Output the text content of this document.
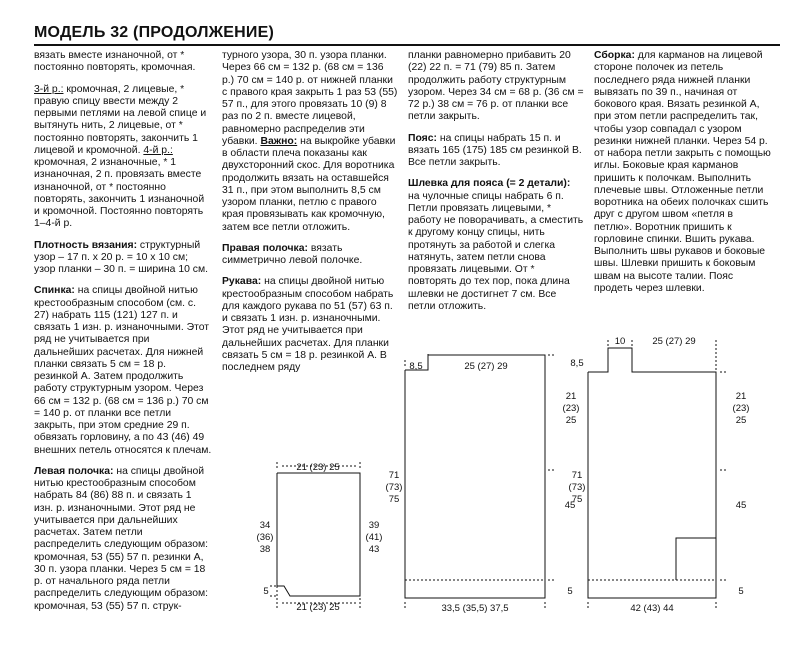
МОДЕЛЬ 32 (ПРОДОЛЖЕНИЕ)

вязать вместе изнаночной, от * постоянно повторять, кромочная.

3-й р.: кромочная, 2 лицевые, * правую спицу ввести между 2 первыми петлями на левой спице и вытянуть нить, 2 лицевые, от * постоянно повторять, закончить 1 лицевой и кромочной. 4-й р.: кромочная, 2 изнаночные, * 1 изнаночная, 2 п. провязать вместе изнаночной, от * постоянно повторять, закончить 1 изнаночной и кромочной. Постоянно повторять 1–4-й р.

Плотность вязания: структурный узор – 17 п. х 20 р. = 10 х 10 см; узор планки – 30 п. = ширина 10 см.

Спинка: на спицы двойной нитью крестообразным способом (см. с. 27) набрать 115 (121) 127 п. и связать 1 изн. р. изнаночными. Этот ряд не учитывается при дальнейших расчетах. Для нижней планки связать 5 см = 18 р. резинкой А. Затем продолжить работу структурным узором. Через 66 см = 132 р. (68 см = 136 р.) 70 см = 140 р. от планки все петли закрыть, при этом средние 29 п. обвязать горловину, а по 43 (46) 49 внешних петель относятся к плечам.

Левая полочка: на спицы двойной нитью крестообразным способом набрать 84 (86) 88 п. и связать 1 изн. р. изнаночными. Этот ряд не учитывается при дальнейших расчетах. Затем петли распределить следующим образом: кромочная, 53 (55) 57 п. резинки А, 30 п. узора планки. Через 5 см = 18 р. от начального ряда петли распределить следующим образом: кромочная, 53 (55) 57 п. струк-

турного узора, 30 п. узора планки. Через 66 см = 132 р. (68 см = 136 р.) 70 см = 140 р. от нижней планки с правого края закрыть 1 раз 53 (55) 57 п., для этого провязать 10 (9) 8 раз по 2 п. вместе лицевой, равномерно распределив эти убавки. Важно: на выкройке убавки в области плеча показаны как двухсторонний скос. Для воротника продолжить вязать на оставшейся 31 п., при этом выполнить 8,5 см узором планки, петлю с правого края провязывать как кромочную, затем все петли отложить.

Правая полочка: вязать симметрично левой полочке.

Рукава: на спицы двойной нитью крестообразным способом набрать для каждого рукава по 51 (57) 63 п. и связать 1 изн. р. изнаночными. Этот ряд не учитывается при дальнейших расчетах. Для планки связать 5 см = 18 р. резинкой А. В последнем ряду

планки равномерно прибавить 20 (22) 22 п. = 71 (79) 85 п. Затем продолжить работу структурным узором. Через 34 см = 68 р. (36 см = 72 р.) 38 см = 76 р. от планки все петли закрыть.

Пояс: на спицы набрать 15 п. и вязать 165 (175) 185 см резинкой В. Все петли закрыть.

Шлевка для пояса (= 2 детали): на чулочные спицы набрать 6 п. Петли провязать лицевыми, * работу не поворачивать, а сместить к другому концу спицы, нить протянуть за работой и слегка натянуть, затем петли снова провязать лицевыми. От * повторять до тех пор, пока длина шлевки не достигнет 7 см. Все петли отложить.

Сборка: для карманов на лицевой стороне полочек из петель последнего ряда нижней планки вывязать по 39 п., начиная от бокового края. Вязать резинкой А, при этом петли распределить так, чтобы узор совпадал с узором резинки нижней планки. Через 54 р. от набора петли закрыть с помощью иглы. Боковые края карманов пришить к полочкам. Выполнить плечевые швы. Отложенные петли воротника на обеих полочках сшить друг с другом швом «петля в петлю». Воротник пришить к горловине спинки. Вшить рукава. Выполнить швы рукавов и боковые швы. Шлевки пришить к боковым швам на высоте талии. Пояс продеть через шлевки.

21 (23) 25
21 (23) 25
34
(36)
38
39
(41)
43
5
8,5	25 (27) 29
21
(23)
25
71
(73)
75
45
5
33,5 (35,5) 37,5
10	25 (27) 29
8,5
21
(23)
25
71
(73)
75
45
5
42 (43) 44
